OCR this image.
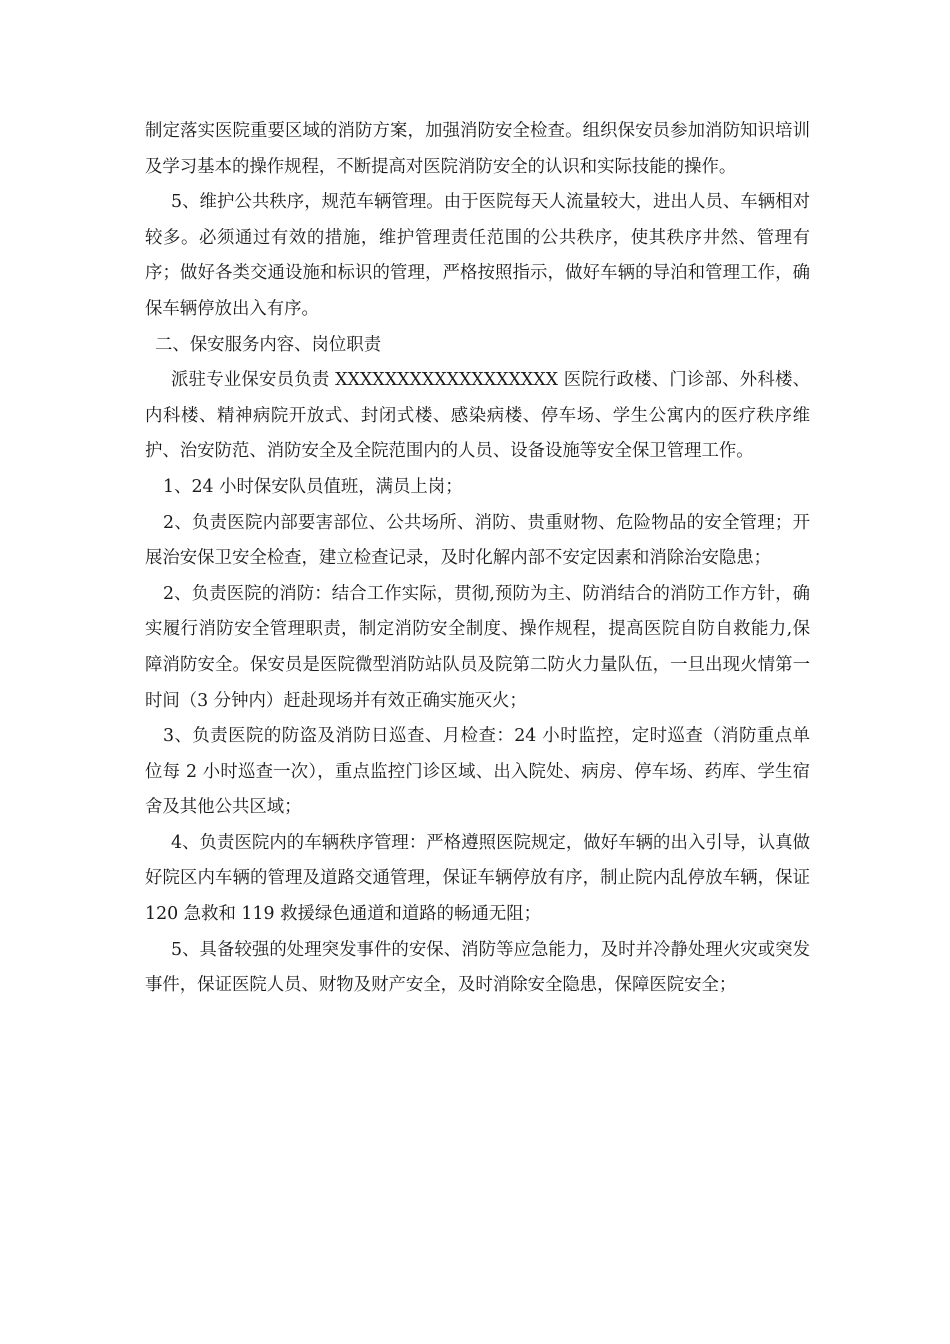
制定落实医院重要区域的消防方案，加强消防安全检查。组织保安员参加消防知识培训及学习基本的操作规程，不断提高对医院消防安全的认识和实际技能的操作。

5、维护公共秩序，规范车辆管理。由于医院每天人流量较大，进出人员、车辆相对较多。必须通过有效的措施，维护管理责任范围的公共秩序，使其秩序井然、管理有序；做好各类交通设施和标识的管理，严格按照指示，做好车辆的导泊和管理工作，确保车辆停放出入有序。

二、保安服务内容、岗位职责

派驻专业保安员负责 XXXXXXXXXXXXXXXXXX 医院行政楼、门诊部、外科楼、内科楼、精神病院开放式、封闭式楼、感染病楼、停车场、学生公寓内的医疗秩序维护、治安防范、消防安全及全院范围内的人员、设备设施等安全保卫管理工作。

1、24 小时保安队员值班，满员上岗；

2、负责医院内部要害部位、公共场所、消防、贵重财物、危险物品的安全管理；开展治安保卫安全检查，建立检查记录，及时化解内部不安定因素和消除治安隐患；

2、负责医院的消防：结合工作实际，贯彻,预防为主、防消结合的消防工作方针，确实履行消防安全管理职责，制定消防安全制度、操作规程，提高医院自防自救能力,保障消防安全。保安员是医院微型消防站队员及院第二防火力量队伍，一旦出现火情第一时间（3 分钟内）赶赴现场并有效正确实施灭火；

3、负责医院的防盗及消防日巡查、月检查：24 小时监控，定时巡查（消防重点单位每 2 小时巡查一次），重点监控门诊区域、出入院处、病房、停车场、药库、学生宿舍及其他公共区域；

4、负责医院内的车辆秩序管理：严格遵照医院规定，做好车辆的出入引导，认真做好院区内车辆的管理及道路交通管理，保证车辆停放有序，制止院内乱停放车辆，保证 120 急救和 119 救援绿色通道和道路的畅通无阻；

5、具备较强的处理突发事件的安保、消防等应急能力，及时并冷静处理火灾或突发事件，保证医院人员、财物及财产安全，及时消除安全隐患，保障医院安全；
